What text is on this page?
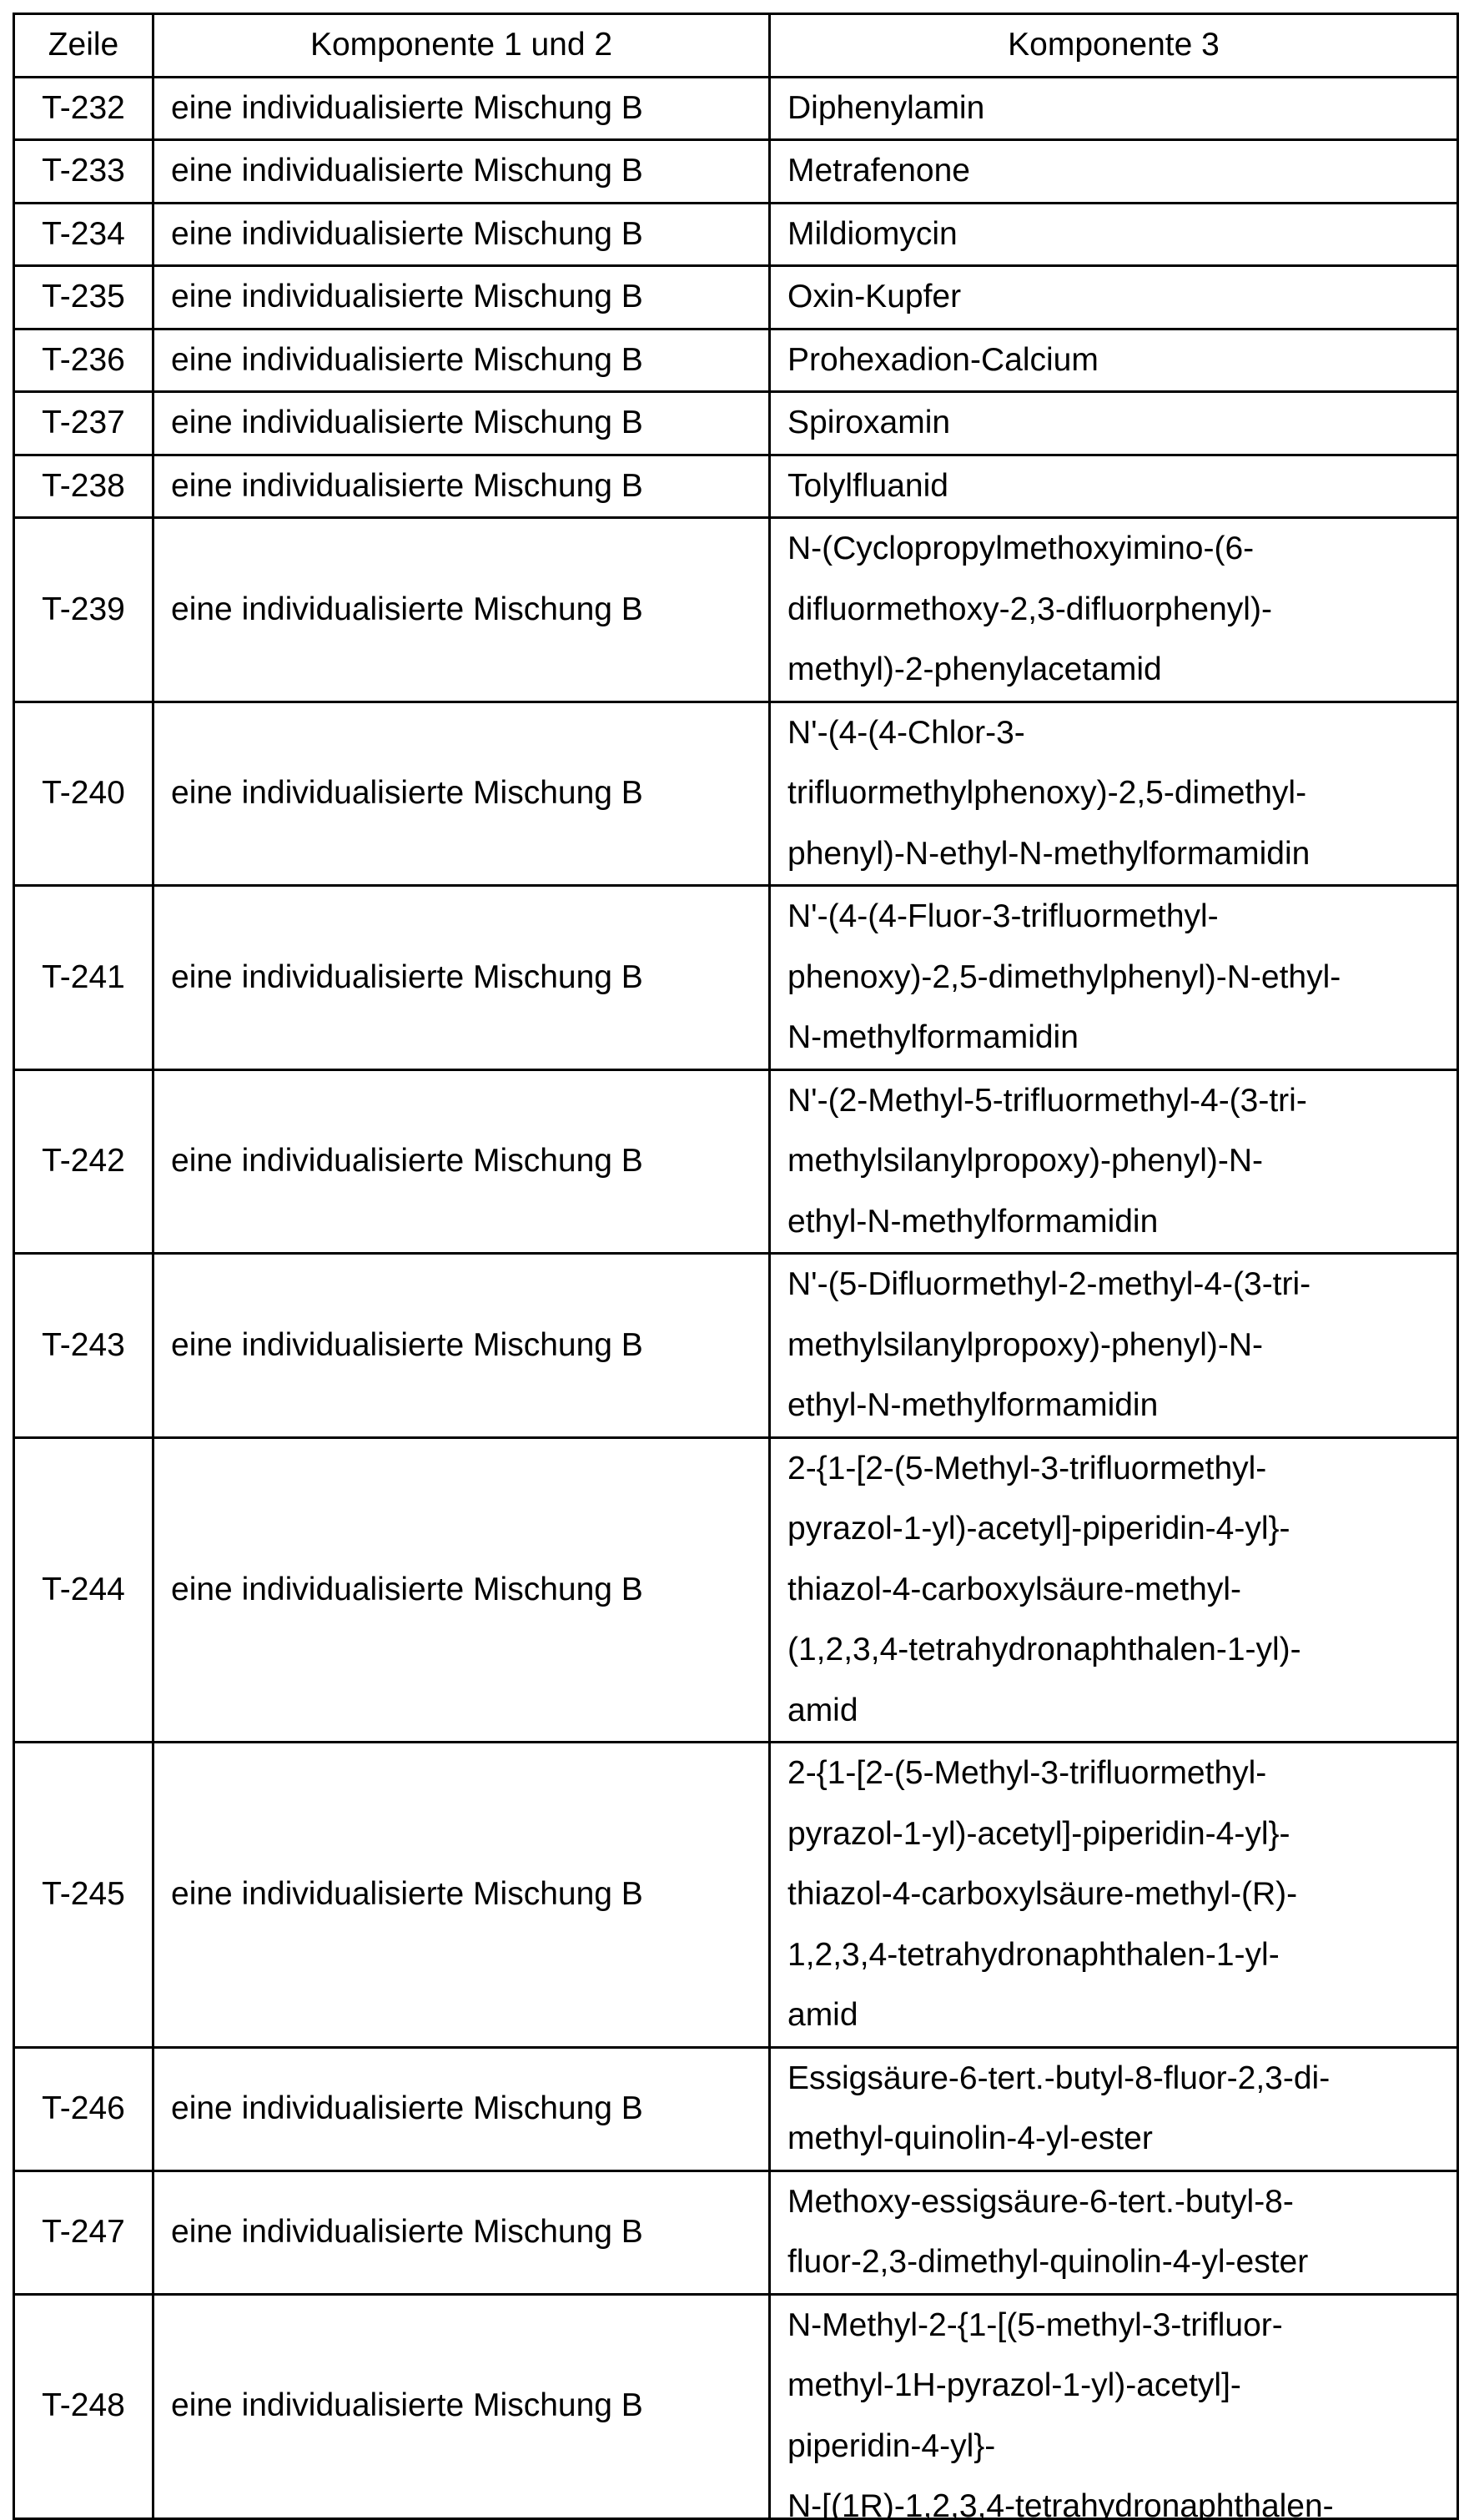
Zeile	Komponente 1 und 2	Komponente 3
T-232	eine individualisierte Mischung B	Diphenylamin

T-233	eine individualisierte Mischung B	Metrafenone

T-234	eine individualisierte Mischung B	Mildiomycin

T-235	eine individualisierte Mischung B	Oxin-Kupfer

T-236	eine individualisierte Mischung B	Prohexadion-Calcium

T-237	eine individualisierte Mischung B	Spiroxamin

T-238	eine individualisierte Mischung B	Tolylfluanid

T-239	eine individualisierte Mischung B	
N-(Cyclopropylmethoxyimino-(6-
difluormethoxy-2,3-difluorphenyl)-
methyl)-2-phenylacetamid

T-240	eine individualisierte Mischung B	
N'-(4-(4-Chlor-3-
trifluormethylphenoxy)-2,5-dimethyl-
phenyl)-N-ethyl-N-methylformamidin

T-241	eine individualisierte Mischung B	
N'-(4-(4-Fluor-3-trifluormethyl-
phenoxy)-2,5-dimethylphenyl)-N-ethyl-
N-methylformamidin

T-242	eine individualisierte Mischung B	
N'-(2-Methyl-5-trifluormethyl-4-(3-tri-
methylsilanylpropoxy)-phenyl)-N-
ethyl-N-methylformamidin

T-243	eine individualisierte Mischung B	
N'-(5-Difluormethyl-2-methyl-4-(3-tri-
methylsilanylpropoxy)-phenyl)-N-
ethyl-N-methylformamidin

T-244	eine individualisierte Mischung B	
2-{1-[2-(5-Methyl-3-trifluormethyl-
pyrazol-1-yl)-acetyl]-piperidin-4-yl}-
thiazol-4-carboxylsäure-methyl-
(1,2,3,4-tetrahydronaphthalen-1-yl)-
amid

T-245	eine individualisierte Mischung B	
2-{1-[2-(5-Methyl-3-trifluormethyl-
pyrazol-1-yl)-acetyl]-piperidin-4-yl}-
thiazol-4-carboxylsäure-methyl-(R)-
1,2,3,4-tetrahydronaphthalen-1-yl-
amid

T-246	eine individualisierte Mischung B	
Essigsäure-6-tert.-butyl-8-fluor-2,3-di-
methyl-quinolin-4-yl-ester

T-247	eine individualisierte Mischung B	
Methoxy-essigsäure-6-tert.-butyl-8-
fluor-2,3-dimethyl-quinolin-4-yl-ester

T-248	eine individualisierte Mischung B	
N-Methyl-2-{1-[(5-methyl-3-trifluor-
methyl-1H-pyrazol-1-yl)-acetyl]-
piperidin-4-yl}-
N-[(1R)-1,2,3,4-tetrahydronaphthalen-
